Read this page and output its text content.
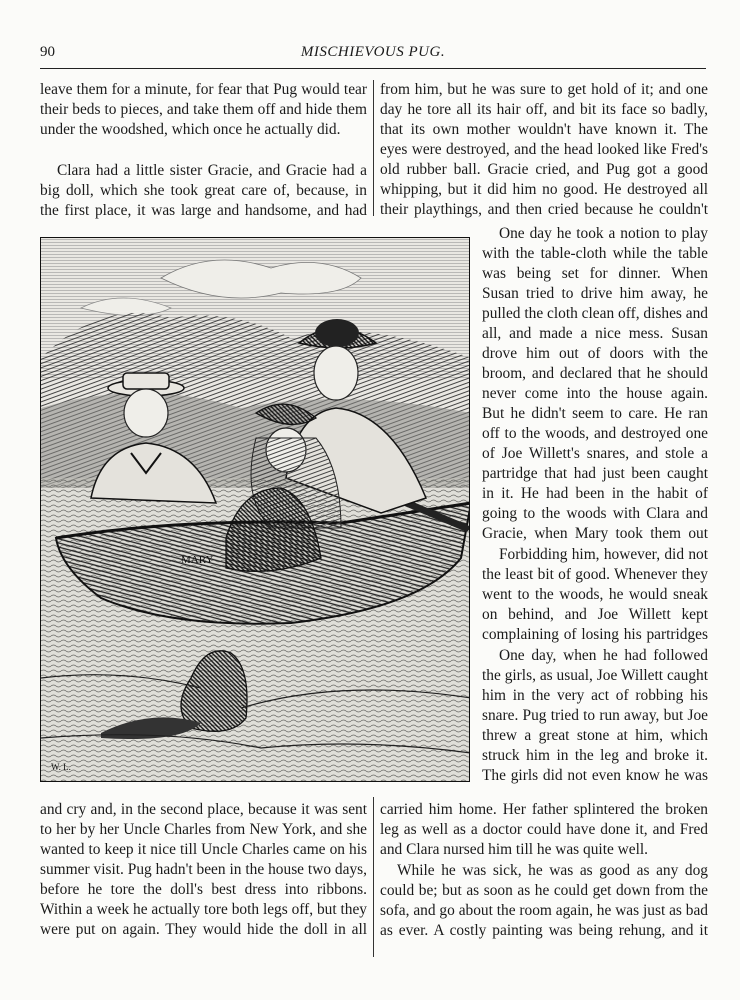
90	MISCHIEVOUS PUG.

leave them for a minute, for fear that Pug would tear their beds to pieces, and take them off and hide them under the woodshed, which once he actually did.

Clara had a little sister Gracie, and Gracie had a big doll, which she took great care of, because, in the first place, it was large and handsome, and had

from him, but he was sure to get hold of it; and one day he tore all its hair off, and bit its face so badly, that its own mother wouldn't have known it. The eyes were destroyed, and the head looked like Fred's old rubber ball. Gracie cried, and Pug got a good whipping, but it did him no good. He destroyed all their playthings, and then cried because he couldn't

One day he took a notion to play with the table-cloth while the table was being set for dinner. When Susan tried to drive him away, he pulled the cloth clean off, dishes and all, and made a nice mess. Susan drove him out of doors with the broom, and declared that he should never come into the house again. But he didn't seem to care. He ran off to the woods, and destroyed one of Joe Willett's snares, and stole a partridge that had just been caught in it. He had been in the habit of going to the woods with Clara and Gracie, when Mary took them out

Forbidding him, however, did not the least bit of good. Whenever they went to the woods, he would sneak on behind, and Joe Willett kept complaining of losing his partridges

One day, when he had followed the girls, as usual, Joe Willett caught him in the very act of robbing his snare. Pug tried to run away, but Joe threw a great stone at him, which struck him in the leg and broke it. The girls did not even know he was

and cry and, in the second place, because it was sent to her by her Uncle Charles from New York, and she wanted to keep it nice till Uncle Charles came on his summer visit. Pug hadn't been in the house two days, before he tore the doll's best dress into ribbons. Within a week he actually tore both legs off, but they were put on again. They would hide the doll in all

carried him home. Her father splintered the broken leg as well as a doctor could have done it, and Fred and Clara nursed him till he was quite well.

While he was sick, he was as good as any dog could be; but as soon as he could get down from the sofa, and go about the room again, he was just as bad as ever. A costly painting was being rehung, and it

MARY
W. L.
